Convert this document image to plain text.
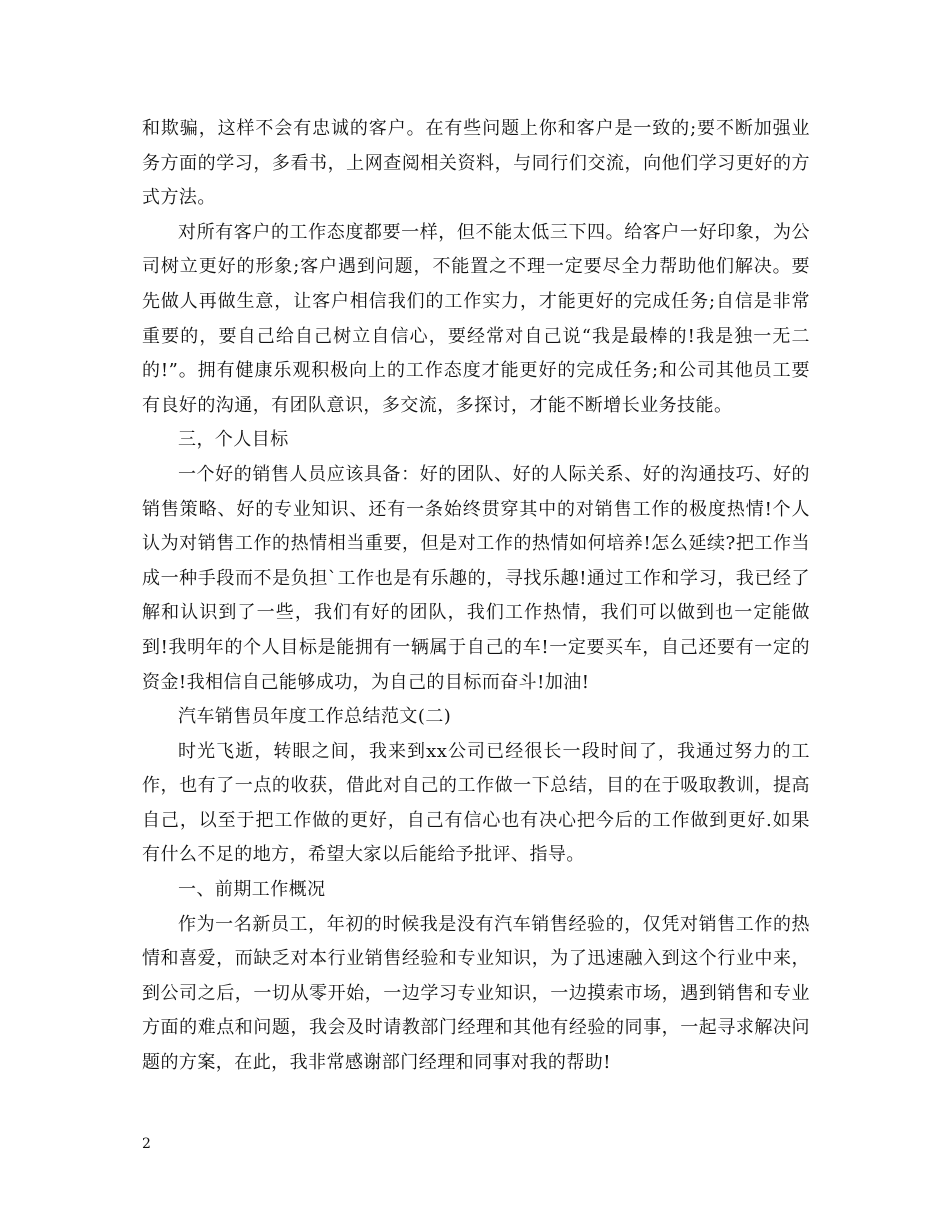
和欺骗，这样不会有忠诚的客户。在有些问题上你和客户是一致的;要不断加强业务方面的学习，多看书，上网查阅相关资料，与同行们交流，向他们学习更好的方式方法。

对所有客户的工作态度都要一样，但不能太低三下四。给客户一好印象，为公司树立更好的形象;客户遇到问题，不能置之不理一定要尽全力帮助他们解决。要先做人再做生意，让客户相信我们的工作实力，才能更好的完成任务;自信是非常重要的，要自己给自己树立自信心，要经常对自己说“我是最棒的!我是独一无二的!”。拥有健康乐观积极向上的工作态度才能更好的完成任务;和公司其他员工要有良好的沟通，有团队意识，多交流，多探讨，才能不断增长业务技能。

三，个人目标

一个好的销售人员应该具备：好的团队、好的人际关系、好的沟通技巧、好的销售策略、好的专业知识、还有一条始终贯穿其中的对销售工作的极度热情!个人认为对销售工作的热情相当重要，但是对工作的热情如何培养!怎么延续?把工作当成一种手段而不是负担`工作也是有乐趣的，寻找乐趣!通过工作和学习，我已经了解和认识到了一些，我们有好的团队，我们工作热情，我们可以做到也一定能做到!我明年的个人目标是能拥有一辆属于自己的车!一定要买车，自己还要有一定的资金!我相信自己能够成功，为自己的目标而奋斗!加油!

汽车销售员年度工作总结范文(二)

时光飞逝，转眼之间，我来到xx公司已经很长一段时间了，我通过努力的工作，也有了一点的收获，借此对自己的工作做一下总结，目的在于吸取教训，提高自己，以至于把工作做的更好，自己有信心也有决心把今后的工作做到更好.如果有什么不足的地方，希望大家以后能给予批评、指导。

一、前期工作概况

作为一名新员工，年初的时候我是没有汽车销售经验的，仅凭对销售工作的热情和喜爱，而缺乏对本行业销售经验和专业知识，为了迅速融入到这个行业中来，到公司之后，一切从零开始，一边学习专业知识，一边摸索市场，遇到销售和专业方面的难点和问题，我会及时请教部门经理和其他有经验的同事，一起寻求解决问题的方案，在此，我非常感谢部门经理和同事对我的帮助!

2
